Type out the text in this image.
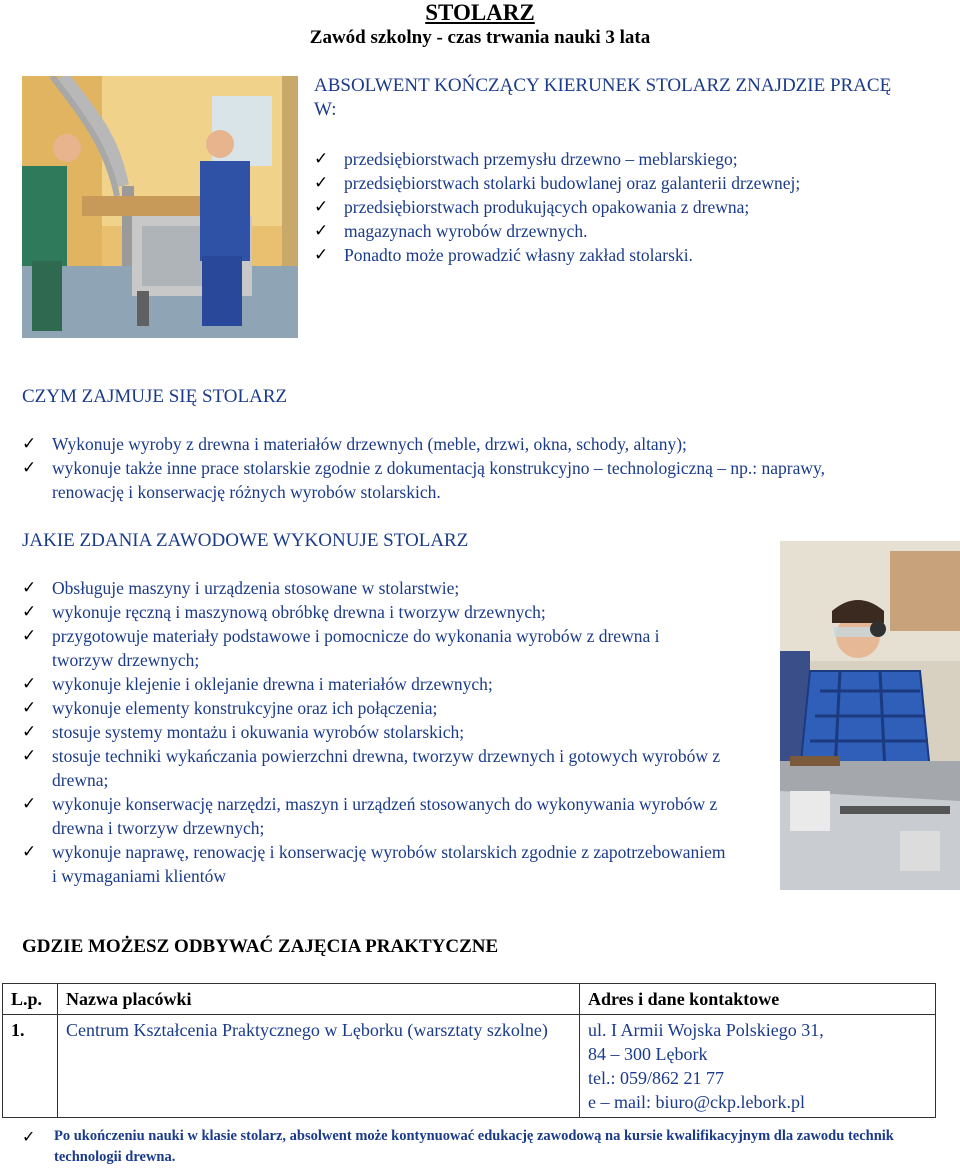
STOLARZ
Zawód szkolny - czas trwania nauki 3 lata
ABSOLWENT KOŃCZĄCY KIERUNEK STOLARZ ZNAJDZIE PRACĘ W:
✓ przedsiębiorstwach przemysłu drzewno – meblarskiego;
✓ przedsiębiorstwach stolarki budowlanej oraz galanterii drzewnej;
✓ przedsiębiorstwach produkujących opakowania z drewna;
✓ magazynach wyrobów drzewnych.
✓ Ponadto może prowadzić własny zakład stolarski.
CZYM ZAJMUJE SIĘ STOLARZ
✓ Wykonuje wyroby z drewna i materiałów drzewnych (meble, drzwi, okna, schody, altany);
✓ wykonuje także inne prace stolarskie zgodnie z dokumentacją konstrukcyjno – technologiczną – np.: naprawy, renowację i konserwację różnych wyrobów stolarskich.
JAKIE ZDANIA ZAWODOWE WYKONUJE STOLARZ
✓ Obsługuje maszyny i urządzenia stosowane w stolarstwie;
✓ wykonuje ręczną i maszynową obróbkę drewna i tworzyw drzewnych;
✓ przygotowuje materiały podstawowe i pomocnicze do wykonania wyrobów z drewna i tworzyw drzewnych;
✓ wykonuje klejenie i oklejanie drewna i materiałów drzewnych;
✓ wykonuje elementy konstrukcyjne oraz ich połączenia;
✓ stosuje systemy montażu i okuwania wyrobów stolarskich;
✓ stosuje techniki wykańczania powierzchni drewna, tworzyw drzewnych i gotowych wyrobów z drewna;
✓ wykonuje konserwację narzędzi, maszyn i urządzeń stosowanych do wykonywania wyrobów z drewna i tworzyw drzewnych;
✓ wykonuje naprawę, renowację i konserwację wyrobów stolarskich zgodnie z zapotrzebowaniem i wymaganiami klientów
GDZIE MOŻESZ ODBYWAĆ ZAJĘCIA PRAKTYCZNE
L.p.	Nazwa placówki	Adres i dane kontaktowe
1.	Centrum Kształcenia Praktycznego w Lęborku (warsztaty szkolne)	ul. I Armii Wojska Polskiego 31,
84 – 300 Lębork
tel.: 059/862 21 77
e – mail: biuro@ckp.lebork.pl
✓ Po ukończeniu nauki w klasie stolarz, absolwent może kontynuować edukację zawodową na kursie kwalifikacyjnym dla zawodu technik technologii drewna.
